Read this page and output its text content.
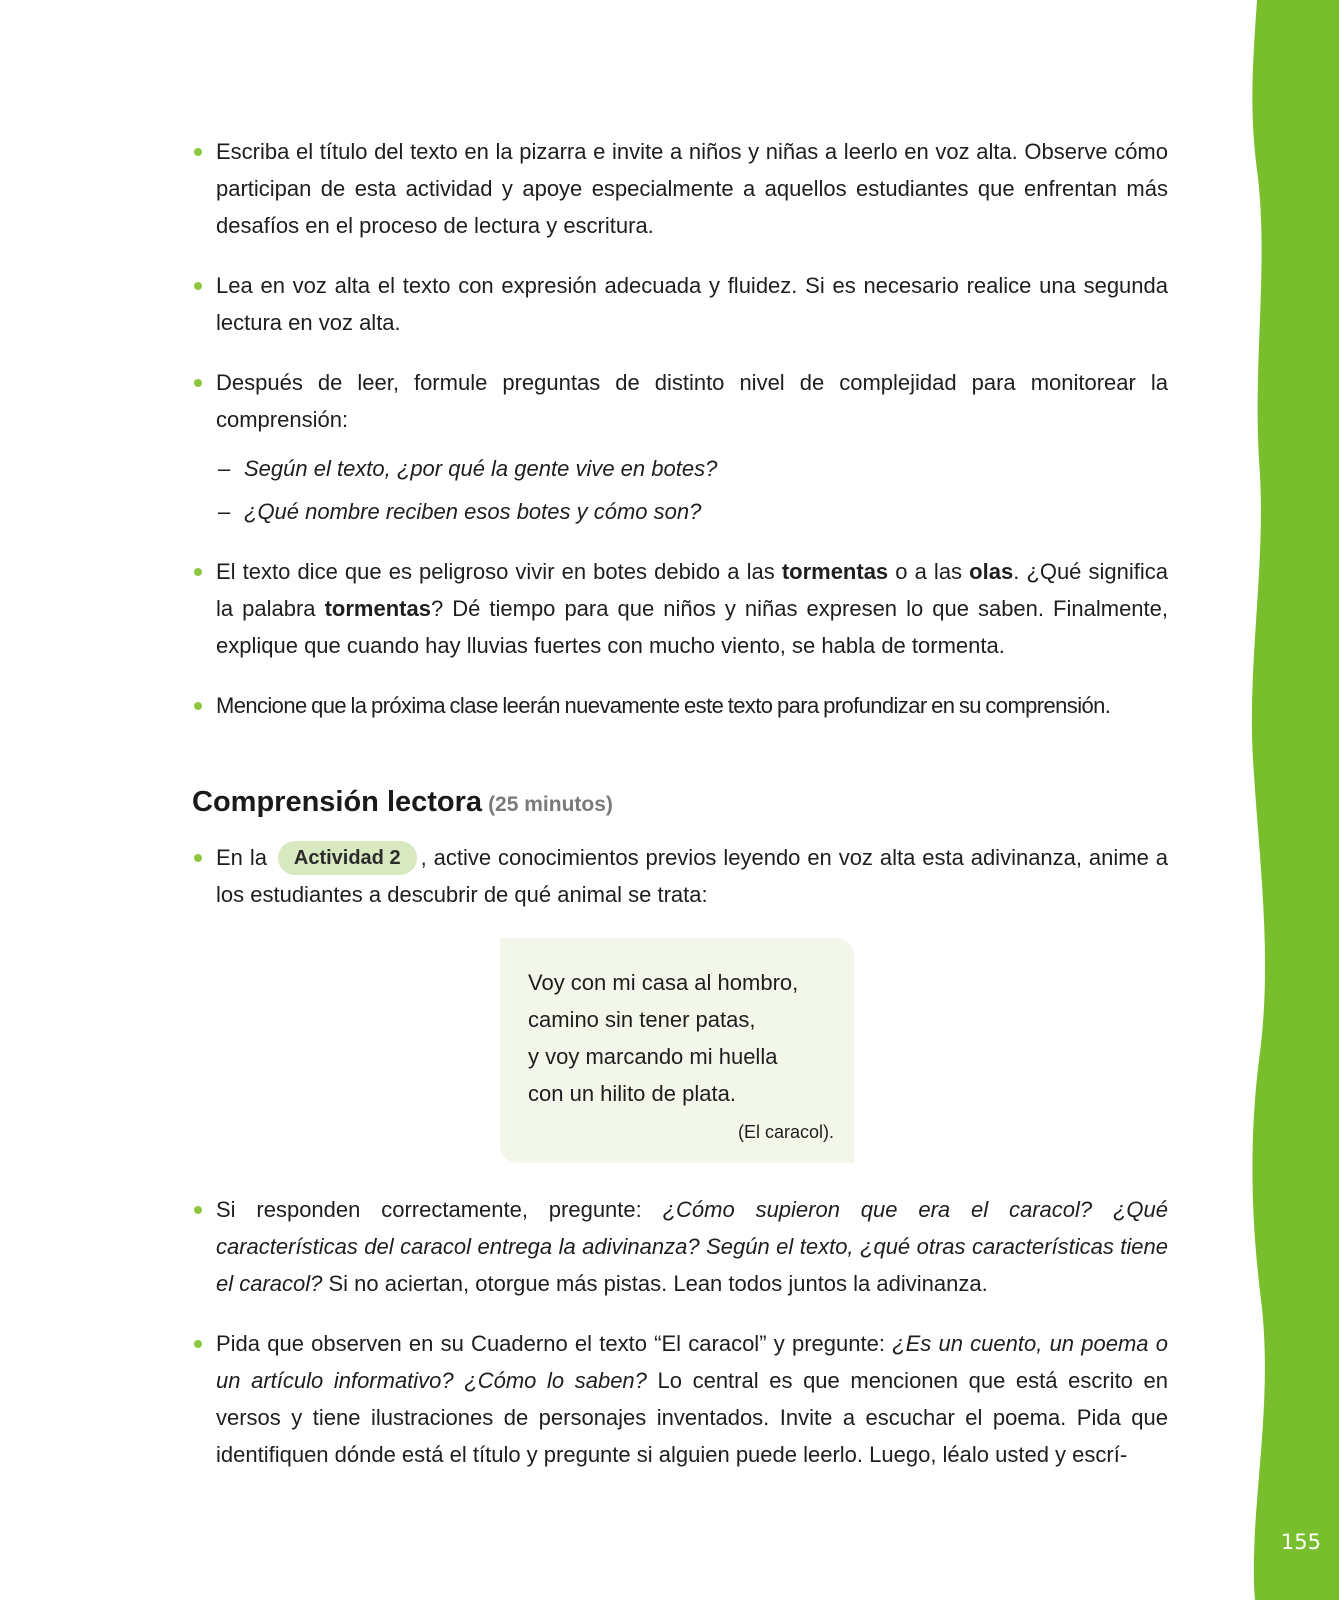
155
Escriba el título del texto en la pizarra e invite a niños y niñas a leerlo en voz alta. Observe cómo participan de esta actividad y apoye especialmente a aquellos estudiantes que enfrentan más desafíos en el proceso de lectura y escritura.
Lea en voz alta el texto con expresión adecuada y fluidez. Si es necesario realice una segunda lectura en voz alta.
Después de leer, formule preguntas de distinto nivel de complejidad para monitorear la comprensión:
– Según el texto, ¿por qué la gente vive en botes?
– ¿Qué nombre reciben esos botes y cómo son?
El texto dice que es peligroso vivir en botes debido a las tormentas o a las olas. ¿Qué significa la palabra tormentas? Dé tiempo para que niños y niñas expresen lo que saben. Finalmente, explique que cuando hay lluvias fuertes con mucho viento, se habla de tormenta.
Mencione que la próxima clase leerán nuevamente este texto para profundizar en su comprensión.
Comprensión lectora (25 minutos)
En la Actividad 2 , active conocimientos previos leyendo en voz alta esta adivinanza, anime a los estudiantes a descubrir de qué animal se trata:
Voy con mi casa al hombro,
camino sin tener patas,
y voy marcando mi huella
con un hilito de plata.
(El caracol).
Si responden correctamente, pregunte: ¿Cómo supieron que era el caracol? ¿Qué características del caracol entrega la adivinanza? Según el texto, ¿qué otras características tiene el caracol? Si no aciertan, otorgue más pistas. Lean todos juntos la adivinanza.
Pida que observen en su Cuaderno el texto “El caracol” y pregunte: ¿Es un cuento, un poema o un artículo informativo? ¿Cómo lo saben? Lo central es que mencionen que está escrito en versos y tiene ilustraciones de personajes inventados. Invite a escuchar el poema. Pida que identifiquen dónde está el título y pregunte si alguien puede leerlo. Luego, léalo usted y escrí-
